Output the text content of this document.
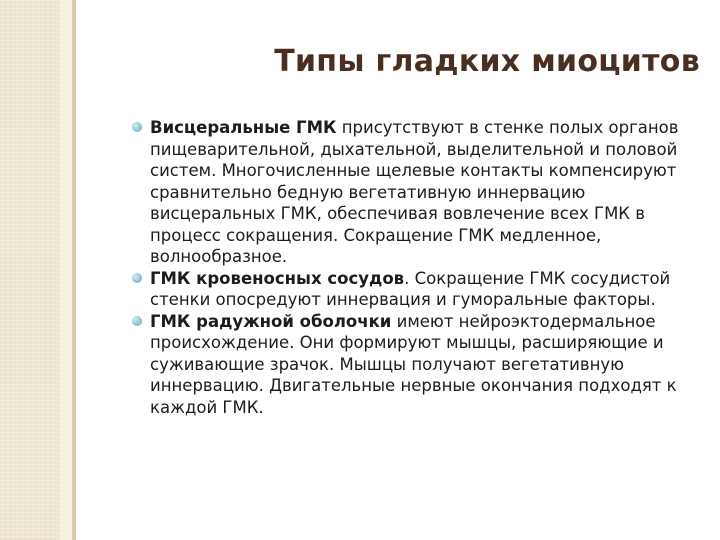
Типы гладких миоцитов

Висцеральные ГМК присутствуют в стенке полых органов пищеварительной, дыхательной, выделительной и половой систем. Многочисленные щелевые контакты компенсируют сравнительно бедную вегетативную иннервацию висцеральных ГМК, обеспечивая вовлечение всех ГМК в процесс сокращения. Сокращение ГМК медленное, волнообразное.

ГМК кровеносных сосудов. Сокращение ГМК сосудистой стенки опосредуют иннервация и гуморальные факторы.

ГМК радужной оболочки имеют нейроэктодермальное происхождение. Они формируют мышцы, расширяющие и суживающие зрачок. Мышцы получают вегетативную иннервацию. Двигательные нервные окончания подходят к каждой ГМК.
